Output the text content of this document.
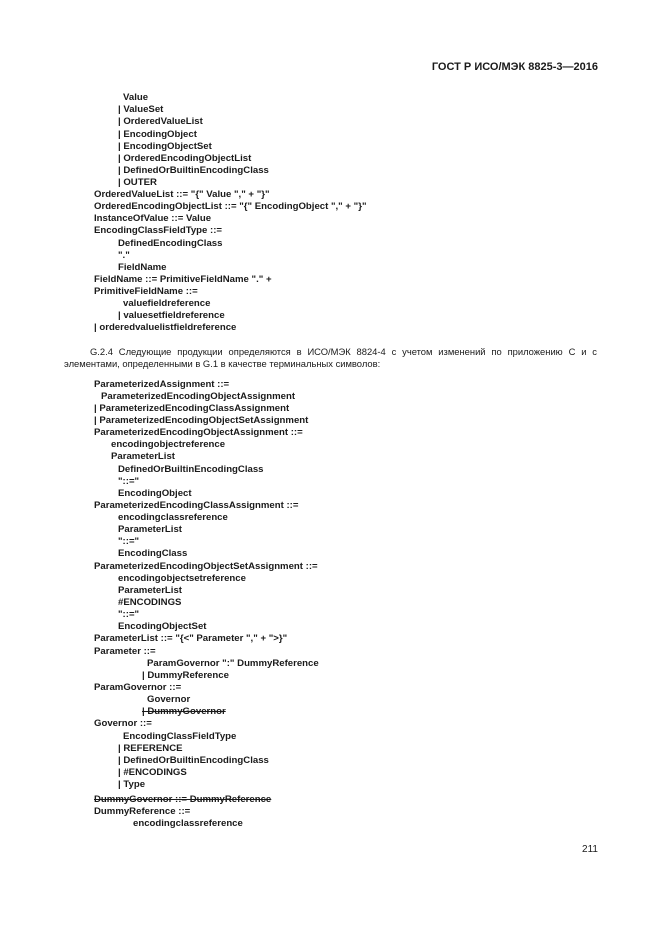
ГОСТ Р ИСО/МЭК 8825-3—2016
Value
| ValueSet
| OrderedValueList
| EncodingObject
| EncodingObjectSet
| OrderedEncodingObjectList
| DefinedOrBuiltinEncodingClass
| OUTER
OrderedValueList ::= "{" Value "," + "}"
OrderedEncodingObjectList ::= "{" EncodingObject "," + "}"
InstanceOfValue ::= Value
EncodingClassFieldType ::=
DefinedEncodingClass
"."
FieldName
FieldName ::= PrimitiveFieldName "." +
PrimitiveFieldName ::=
valuefieldreference
| valuesetfieldreference
| orderedvaluelistfieldreference

G.2.4 Следующие продукции определяются в ИСО/МЭК 8824-4 с учетом изменений по приложению С и с элементами, определенными в G.1 в качестве терминальных символов:

ParameterizedAssignment ::=
ParameterizedEncodingObjectAssignment
| ParameterizedEncodingClassAssignment
| ParameterizedEncodingObjectSetAssignment
ParameterizedEncodingObjectAssignment ::=
encodingobjectreference
ParameterList
DefinedOrBuiltinEncodingClass
"::="
EncodingObject
ParameterizedEncodingClassAssignment ::=
encodingclassreference
ParameterList
"::="
EncodingClass
ParameterizedEncodingObjectSetAssignment ::=
encodingobjectsetreference
ParameterList
#ENCODINGS
"::="
EncodingObjectSet
ParameterList ::= "{<" Parameter "," + ">}"
Parameter ::=
ParamGovernor ":" DummyReference
| DummyReference
ParamGovernor ::=
Governor
| DummyGovernor
Governor ::=
EncodingClassFieldType
| REFERENCE
| DefinedOrBuiltinEncodingClass
| #ENCODINGS
| Type
DummyGovernor ::= DummyReference
DummyReference ::=
encodingclassreference
211
